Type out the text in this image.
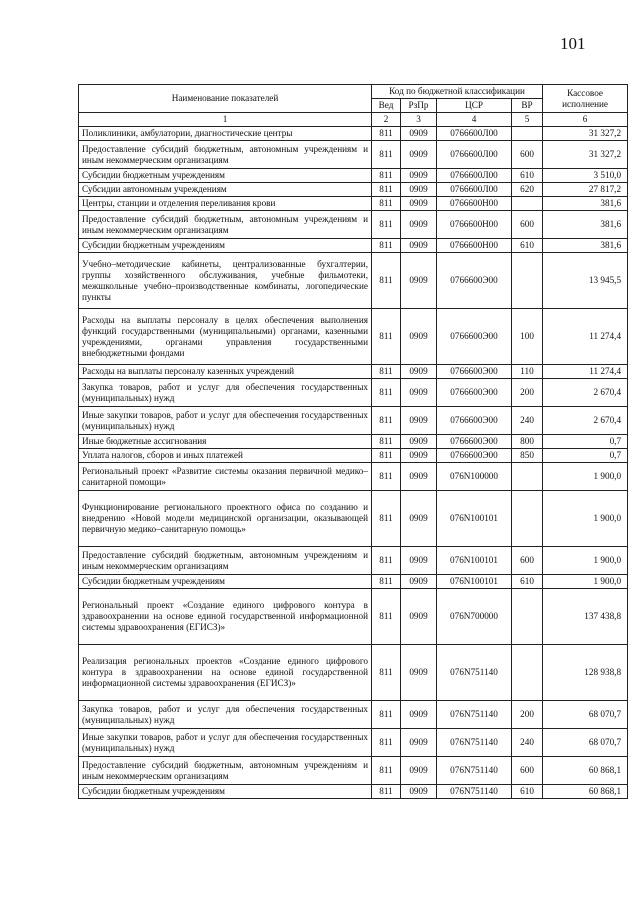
101
Наименование показателей	Код по бюджетной классификации				Кассовое исполнение
	Вед	РзПр	ЦСР	ВР	
1	2	3	4	5	6
Поликлиники, амбулатории, диагностические центры	811	0909	0766600Л00		31 327,2
Предоставление субсидий бюджетным, автономным учреждениям и иным некоммерческим организациям	811	0909	0766600Л00	600	31 327,2
Субсидии бюджетным учреждениям	811	0909	0766600Л00	610	3 510,0
Субсидии автономным учреждениям	811	0909	0766600Л00	620	27 817,2
Центры, станции и отделения переливания крови	811	0909	0766600Н00		381,6
Предоставление субсидий бюджетным, автономным учреждениям и иным некоммерческим организациям	811	0909	0766600Н00	600	381,6
Субсидии бюджетным учреждениям	811	0909	0766600Н00	610	381,6
Учебно–методические кабинеты, централизованные бухгалтерии, группы хозяйственного обслуживания, учебные фильмотеки, межшкольные учебно–производственные комбинаты, логопедические пункты	811	0909	0766600Э00		13 945,5
Расходы на выплаты персоналу в целях обеспечения выполнения функций государственными (муниципальными) органами, казенными учреждениями, органами управления государственными внебюджетными фондами	811	0909	0766600Э00	100	11 274,4
Расходы на выплаты персоналу казенных учреждений	811	0909	0766600Э00	110	11 274,4
Закупка товаров, работ и услуг для обеспечения государственных (муниципальных) нужд	811	0909	0766600Э00	200	2 670,4
Иные закупки товаров, работ и услуг для обеспечения государственных (муниципальных) нужд	811	0909	0766600Э00	240	2 670,4
Иные бюджетные ассигнования	811	0909	0766600Э00	800	0,7
Уплата налогов, сборов и иных платежей	811	0909	0766600Э00	850	0,7
Региональный проект «Развитие системы оказания первичной медико–санитарной помощи»	811	0909	076N100000		1 900,0
Функционирование регионального проектного офиса по созданию и внедрению «Новой модели медицинской организации, оказывающей первичную медико–санитарную помощь»	811	0909	076N100101		1 900,0
Предоставление субсидий бюджетным, автономным учреждениям и иным некоммерческим организациям	811	0909	076N100101	600	1 900,0
Субсидии бюджетным учреждениям	811	0909	076N100101	610	1 900,0
Региональный проект «Создание единого цифрового контура в здравоохранении на основе единой государственной информационной системы здравоохранения (ЕГИСЗ)»	811	0909	076N700000		137 438,8
Реализация региональных проектов «Создание единого цифрового контура в здравоохранении на основе единой государственной информационной системы здравоохранения (ЕГИСЗ)»	811	0909	076N751140		128 938,8
Закупка товаров, работ и услуг для обеспечения государственных (муниципальных) нужд	811	0909	076N751140	200	68 070,7
Иные закупки товаров, работ и услуг для обеспечения государственных (муниципальных) нужд	811	0909	076N751140	240	68 070,7
Предоставление субсидий бюджетным, автономным учреждениям и иным некоммерческим организациям	811	0909	076N751140	600	60 868,1
Субсидии бюджетным учреждениям	811	0909	076N751140	610	60 868,1
